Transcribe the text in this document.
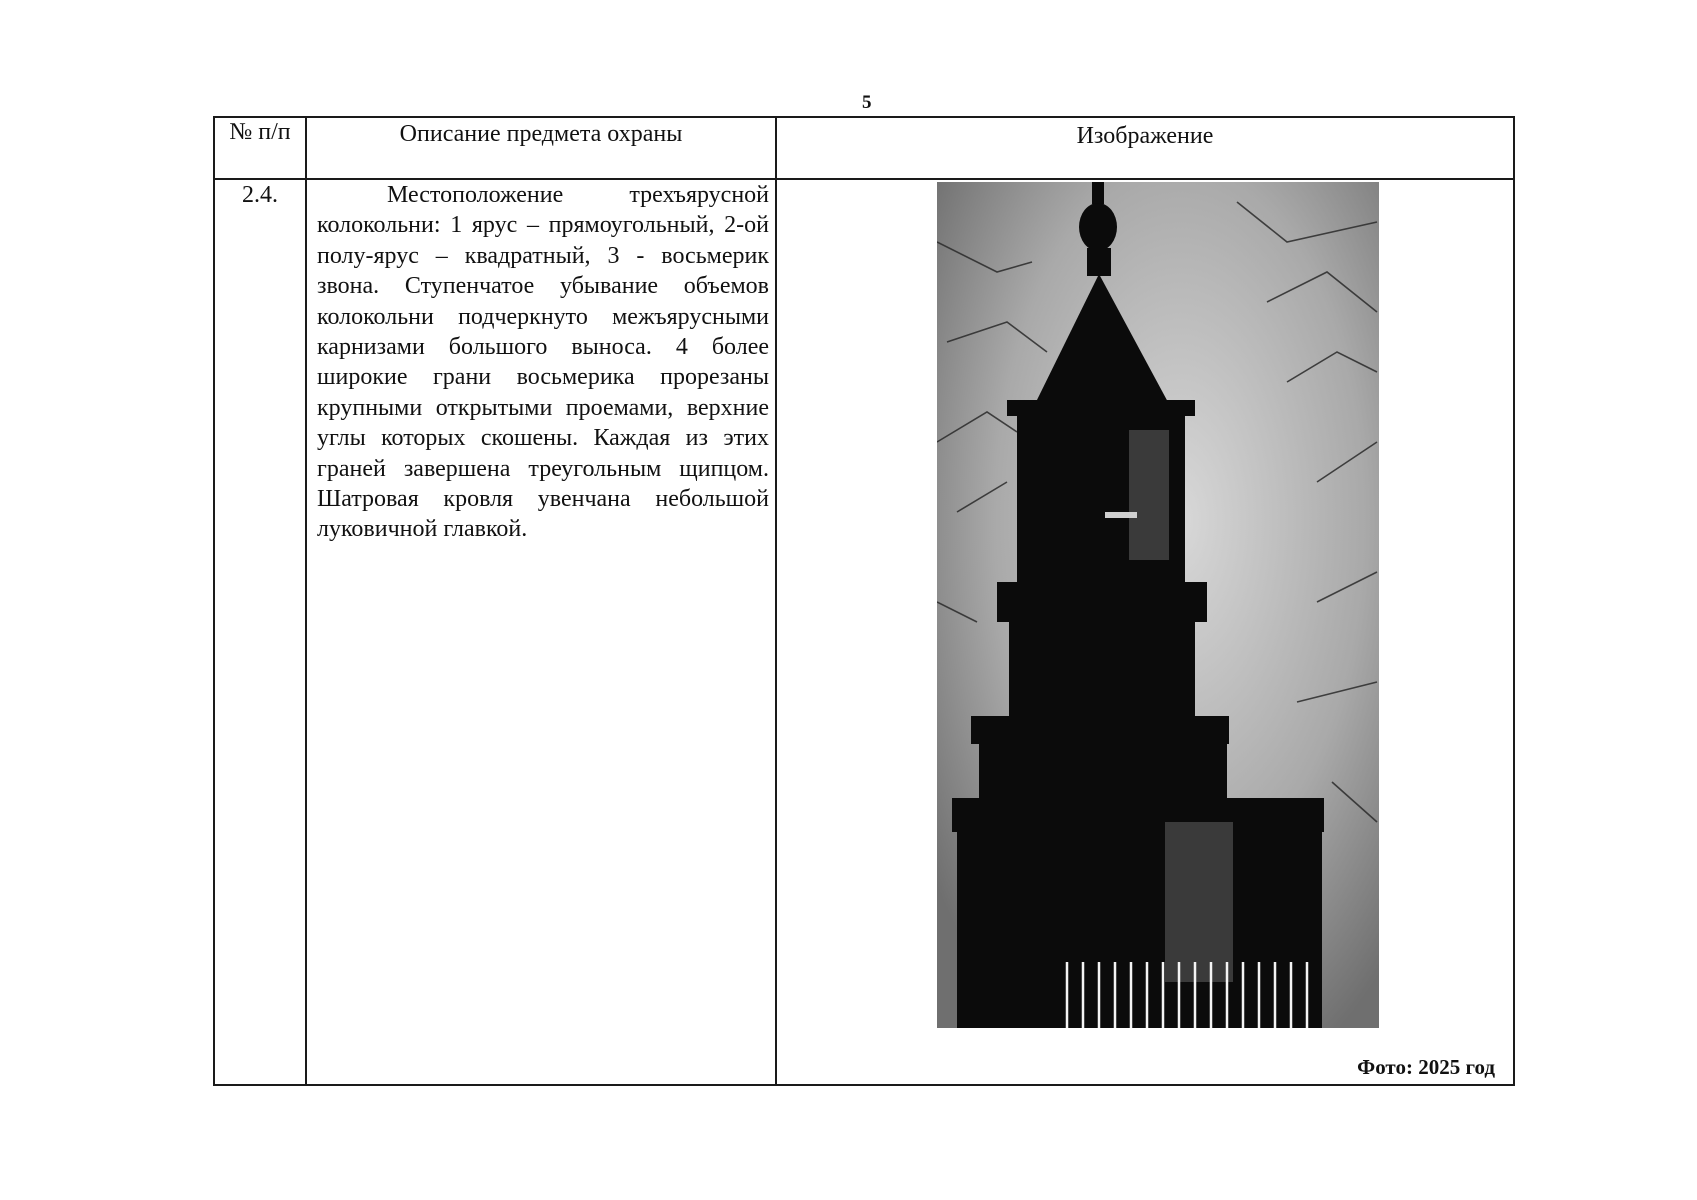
5
№ п/п	Описание предмета охраны	Изображение
2.4.	Местоположение трехъярусной колокольни: 1 ярус – прямоугольный, 2-ой полу-ярус – квадратный, 3 - восьмерик звона. Ступенчатое убывание объемов колокольни подчеркнуто межъярусными карнизами большого выноса. 4 более широкие грани восьмерика прорезаны крупными открытыми проемами, верхние углы которых скошены. Каждая из этих граней завершена треугольным щипцом. Шатровая кровля увенчана небольшой луковичной главкой.

Фото: 2025 год
